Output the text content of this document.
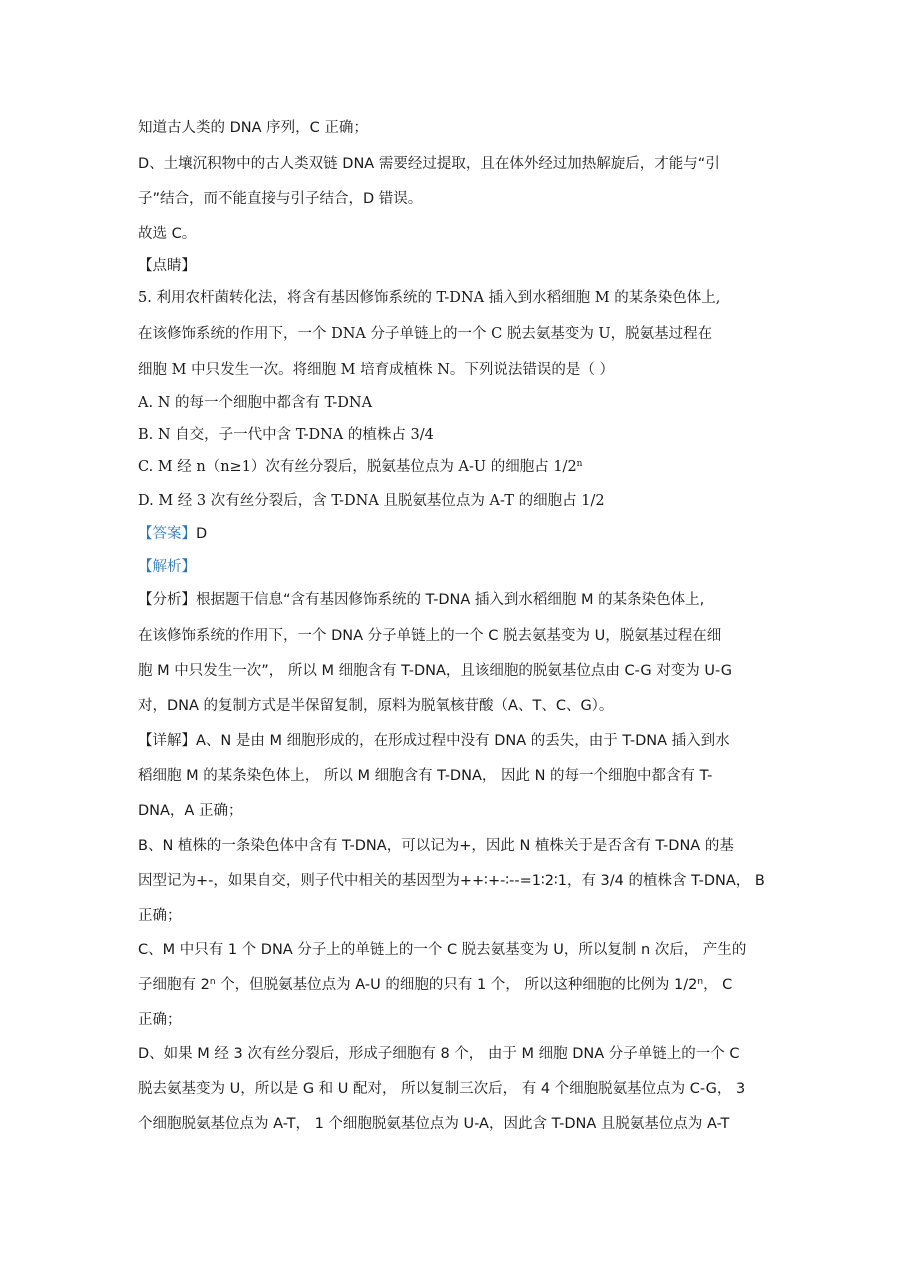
知道古人类的 DNA 序列，C 正确；
D、土壤沉积物中的古人类双链 DNA 需要经过提取，且在体外经过加热解旋后，才能与“引
子”结合，而不能直接与引子结合，D 错误。
故选 C。
【点睛】
5. 利用农杆菌转化法，将含有基因修饰系统的 T-DNA 插入到水稻细胞 M 的某条染色体上,
在该修饰系统的作用下，一个 DNA 分子单链上的一个 C 脱去氨基变为 U，脱氨基过程在
细胞 M 中只发生一次。将细胞 M 培育成植株 N。下列说法错误的是（ ）
A. N 的每一个细胞中都含有 T-DNA
B. N 自交，子一代中含 T-DNA 的植株占 3/4
C. M 经 n（n≥1）次有丝分裂后，脱氨基位点为 A-U 的细胞占 1/2$^n$
D. M 经 3 次有丝分裂后，含 T-DNA 且脱氨基位点为 A-T 的细胞占 1/2
【答案】D
【解析】
【分析】根据题干信息“含有基因修饰系统的 T-DNA 插入到水稻细胞 M 的某条染色体上,
在该修饰系统的作用下，一个 DNA 分子单链上的一个 C 脱去氨基变为 U，脱氨基过程在细
胞 M 中只发生一次”， 所以 M 细胞含有 T-DNA，且该细胞的脱氨基位点由 C-G 对变为 U-G
对，DNA 的复制方式是半保留复制，原料为脱氧核苷酸（A、T、C、G）。
【详解】A、N 是由 M 细胞形成的，在形成过程中没有 DNA 的丢失，由于 T-DNA 插入到水
稻细胞 M 的某条染色体上， 所以 M 细胞含有 T-DNA， 因此 N 的每一个细胞中都含有 T-
DNA，A 正确；
B、N 植株的一条染色体中含有 T-DNA，可以记为+，因此 N 植株关于是否含有 T-DNA 的基
因型记为+-，如果自交，则子代中相关的基因型为++∶+-∶--=1∶2∶1，有 3/4 的植株含 T-DNA， B
正确；
C、M 中只有 1 个 DNA 分子上的单链上的一个 C 脱去氨基变为 U，所以复制 n 次后， 产生的
子细胞有 2$^n$ 个，但脱氨基位点为 A-U 的细胞的只有 1 个， 所以这种细胞的比例为 1/2$^n$， C
正确；
D、如果 M 经 3 次有丝分裂后，形成子细胞有 8 个， 由于 M 细胞 DNA 分子单链上的一个 C
脱去氨基变为 U，所以是 G 和 U 配对， 所以复制三次后， 有 4 个细胞脱氨基位点为 C-G， 3
个细胞脱氨基位点为 A-T， 1 个细胞脱氨基位点为 U-A，因此含 T-DNA 且脱氨基位点为 A-T
